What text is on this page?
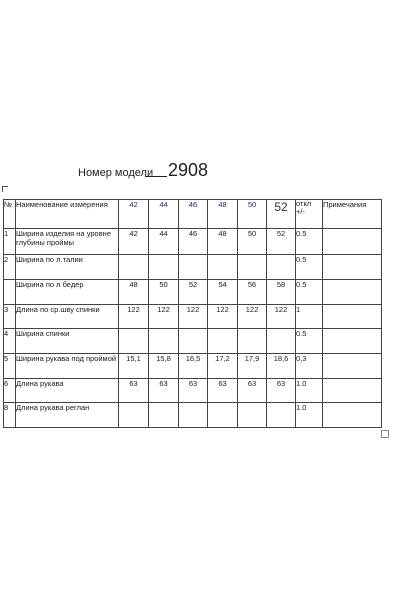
Номер модели 2908
№	Наименование измерения	42	44	46	48	50	52	откл +/-	Примечания
1	Ширина изделия на уровне глубины проймы	42	44	46	48	50	52	0.5	
2	Ширина по л.талии							0.5	
	Ширина по л бедер	48	50	52	54	56	58	0.5	
3	Длина по ср.шву спинки	122	122	122	122	122	122	1	
4	Ширина спинки							0.5	
5	Ширина рукава под проймой	15,1	15,8	16,5	17,2	17,9	18,6	0,3	
6	Длина рукава	63	63	63	63	63	63	1.0	
8	Длина рукава реглан							1.0	
